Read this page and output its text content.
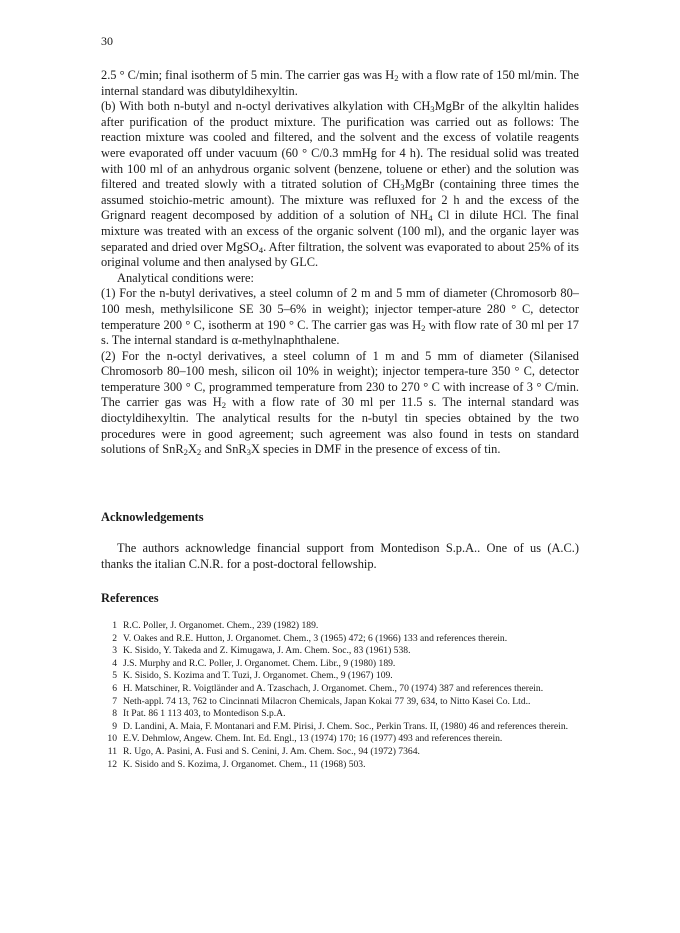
30

2.5 ° C/min; final isotherm of 5 min. The carrier gas was $H_2$ with a flow rate of 150 ml/min. The internal standard was dibutyldihexyltin.

(b) With both n-butyl and n-octyl derivatives alkylation with $CH_3MgBr$ of the alkyltin halides after purification of the product mixture. The purification was carried out as follows: The reaction mixture was cooled and filtered, and the solvent and the excess of volatile reagents were evaporated off under vacuum (60 ° C/0.3 mmHg for 4 h). The residual solid was treated with 100 ml of an anhydrous organic solvent (benzene, toluene or ether) and the solution was filtered and treated slowly with a titrated solution of $CH_3MgBr$ (containing three times the assumed stoichio-metric amount). The mixture was refluxed for 2 h and the excess of the Grignard reagent decomposed by addition of a solution of $NH_4$ Cl in dilute HCl. The final mixture was treated with an excess of the organic solvent (100 ml), and the organic layer was separated and dried over MgSO$_4$. After filtration, the solvent was evaporated to about 25% of its original volume and then analysed by GLC.

Analytical conditions were:

(1) For the n-butyl derivatives, a steel column of 2 m and 5 mm of diameter (Chromosorb 80–100 mesh, methylsilicone SE 30 5–6% in weight); injector temper-ature 280 ° C, detector temperature 200 ° C, isotherm at 190 ° C. The carrier gas was $H_2$ with flow rate of 30 ml per 17 s. The internal standard is α-methylnaphthalene.

(2) For the n-octyl derivatives, a steel column of 1 m and 5 mm of diameter (Silanised Chromosorb 80–100 mesh, silicon oil 10% in weight); injector tempera-ture 350 ° C, detector temperature 300 ° C, programmed temperature from 230 to 270 ° C with increase of 3 ° C/min. The carrier gas was $H_2$ with a flow rate of 30 ml per 11.5 s. The internal standard was dioctyldihexyltin. The analytical results for the n-butyl tin species obtained by the two procedures were in good agreement; such agreement was also found in tests on standard solutions of $SnR_2X_2$ and SnR$_3$X species in DMF in the presence of excess of tin.

Acknowledgements

The authors acknowledge financial support from Montedison S.p.A.. One of us (A.C.) thanks the italian C.N.R. for a post-doctoral fellowship.

References
1 R.C. Poller, J. Organomet. Chem., 239 (1982) 189.
2 V. Oakes and R.E. Hutton, J. Organomet. Chem., 3 (1965) 472; 6 (1966) 133 and references therein.
3 K. Sisido, Y. Takeda and Z. Kimugawa, J. Am. Chem. Soc., 83 (1961) 538.
4 J.S. Murphy and R.C. Poller, J. Organomet. Chem. Libr., 9 (1980) 189.
5 K. Sisido, S. Kozima and T. Tuzi, J. Organomet. Chem., 9 (1967) 109.
6 H. Matschiner, R. Voigtländer and A. Tzaschach, J. Organomet. Chem., 70 (1974) 387 and references therein.
7 Neth-appl. 74 13, 762 to Cincinnati Milacron Chemicals, Japan Kokai 77 39, 634, to Nitto Kasei Co. Ltd..
8 It Pat. 86 1 113 403, to Montedison S.p.A.
9 D. Landini, A. Maia, F. Montanari and F.M. Pirisi, J. Chem. Soc., Perkin Trans. II, (1980) 46 and references therein.
10 E.V. Dehmlow, Angew. Chem. Int. Ed. Engl., 13 (1974) 170; 16 (1977) 493 and references therein.
11 R. Ugo, A. Pasini, A. Fusi and S. Cenini, J. Am. Chem. Soc., 94 (1972) 7364.
12 K. Sisido and S. Kozima, J. Organomet. Chem., 11 (1968) 503.
